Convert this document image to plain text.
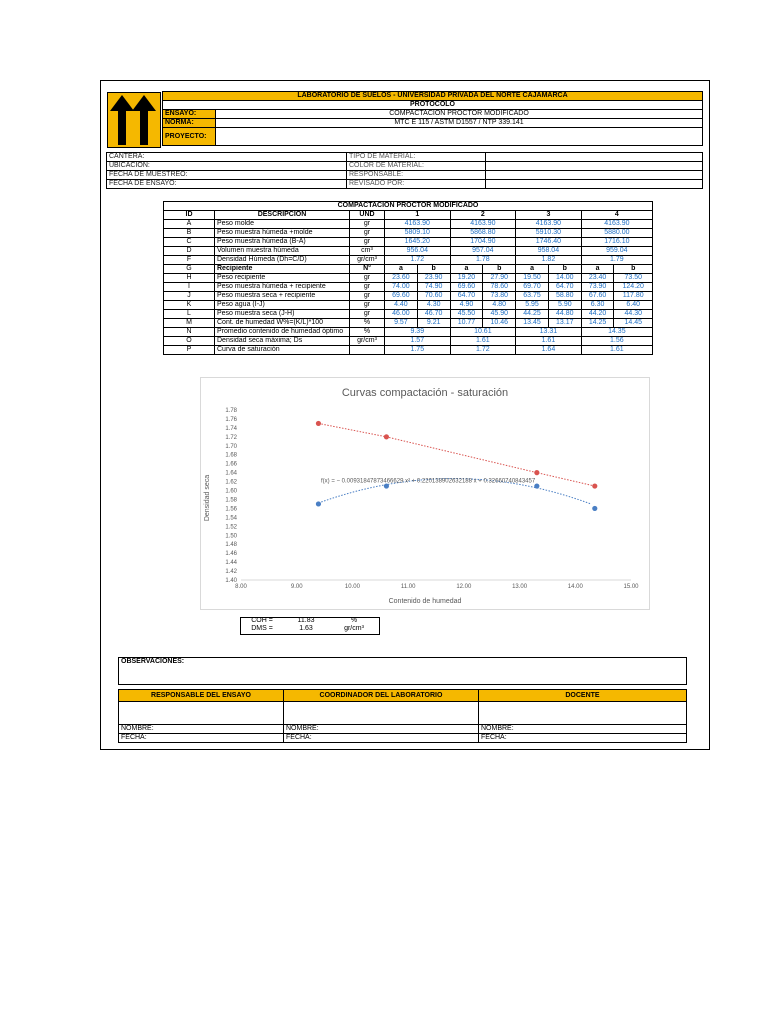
	LABORATORIO DE SUELOS - UNIVERSIDAD PRIVADA DEL NORTE CAJAMARCA	
	PROTOCOLO	
	ENSAYO:	COMPACTACION PROCTOR MODIFICADO
	NORMA:	MTC E 115 / ASTM D1557 / NTP 339.141
	PROYECTO:	
CANTERA:	TIPO DE MATERIAL:	
UBICACION:	COLOR DE MATERIAL:	
FECHA DE MUESTREO:	RESPONSABLE:	
FECHA DE ENSAYO:	REVISADO POR:	
COMPACTACION PROCTOR MODIFICADO										
ID	DESCRIPCION	UND	1		2		3		4	
A	Peso molde	gr	4163.90		4163.90		4163.90		4163.90	
B	Peso muestra húmeda +molde	gr	5809.10		5868.80		5910.30		5880.00	
C	Peso muestra húmeda (B-A)	gr	1645.20		1704.90		1746.40		1716.10	
D	Volumen muestra húmeda	cm³	956.04		957.04		958.04		959.04	
F	Densidad Húmeda (Dh=C/D)	gr/cm³	1.72		1.78		1.82		1.79	
G	Recipiente	N°	a	b	a	b	a	b	a	b
H	Peso recipiente	gr	23.60	23.90	19.20	27.90	19.50	14.00	23.40	73.50
I	Peso muestra húmeda + recipiente	gr	74.00	74.90	69.60	78.60	69.70	64.70	73.90	124.20
J	Peso muestra seca + recipiente	gr	69.60	70.60	64.70	73.80	63.75	58.80	67.60	117.80
K	Peso agua (I-J)	gr	4.40	4.30	4.90	4.80	5.95	5.90	6.30	6.40
L	Peso muestra seca (J-H)	gr	46.00	46.70	45.50	45.90	44.25	44.80	44.20	44.30
M	Cont. de humedad W%=(K/L)*100	%	9.57	9.21	10.77	10.46	13.45	13.17	14.25	14.45
N	Promedio contenido de humedad óptimo	%	9.39		10.61		13.31		14.35	
O	Densidad seca máxima; Ds	gr/cm³	1.57		1.61		1.61		1.56	
P	Curva de saturación		1.75		1.72		1.64		1.61	
Curvas compactación - saturación
Contenido de humedad
Densidad seca
1.40
1.42
1.44
1.46
1.48
1.50
1.52
1.54
1.56
1.58
1.60
1.62
1.64
1.66
1.68
1.70
1.72
1.74
1.76
1.78
8.00	9.00	10.00	11.00	12.00	13.00	14.00	15.00
f(x) = − 0.00931847873466629 x² + 0.220138902632188 x + 0.32660740843457
COH =	11.83	%
DMS =	1.63	gr/cm³
OBSERVACIONES:		

RESPONSABLE DEL ENSAYO	COORDINADOR DEL LABORATORIO	DOCENTE

NOMBRE:	NOMBRE:	NOMBRE:
FECHA:	FECHA:	FECHA:
